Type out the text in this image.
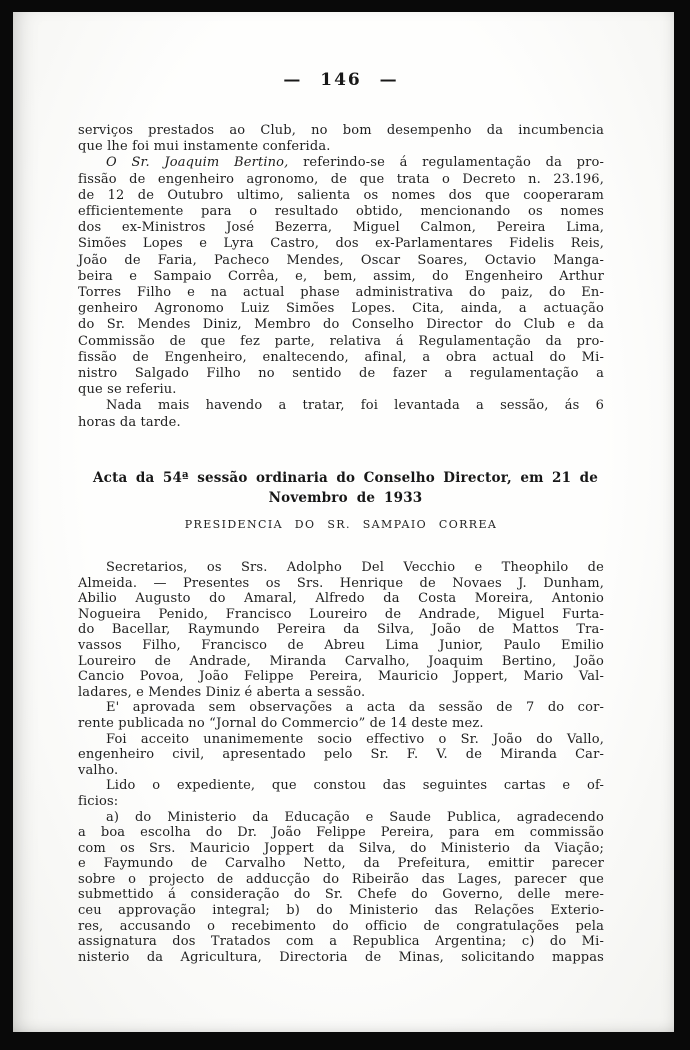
— 146 —
serviços prestados ao Club, no bom desempenho da incumbencia
que lhe foi mui instamente conferida.
O Sr. Joaquim Bertino, referindo-se á regulamentação da pro-
fissão de engenheiro agronomo, de que trata o Decreto n. 23.196,
de 12 de Outubro ultimo, salienta os nomes dos que cooperaram
efficientemente para o resultado obtido, mencionando os nomes
dos ex-Ministros José Bezerra, Miguel Calmon, Pereira Lima,
Simões Lopes e Lyra Castro, dos ex-Parlamentares Fidelis Reis,
João de Faria, Pacheco Mendes, Oscar Soares, Octavio Manga-
beira e Sampaio Corrêa, e, bem, assim, do Engenheiro Arthur
Torres Filho e na actual phase administrativa do paiz, do En-
genheiro Agronomo Luiz Simões Lopes. Cita, ainda, a actuação
do Sr. Mendes Diniz, Membro do Conselho Director do Club e da
Commissão de que fez parte, relativa á Regulamentação da pro-
fissão de Engenheiro, enaltecendo, afinal, a obra actual do Mi-
nistro Salgado Filho no sentido de fazer a regulamentação a
que se referiu.
Nada mais havendo a tratar, foi levantada a sessão, ás 6
horas da tarde.
Acta da 54ª sessão ordinaria do Conselho Director, em 21 de
Novembro de 1933
PRESIDENCIA DO SR. SAMPAIO CORREA
Secretarios, os Srs. Adolpho Del Vecchio e Theophilo de
Almeida. — Presentes os Srs. Henrique de Novaes J. Dunham,
Abilio Augusto do Amaral, Alfredo da Costa Moreira, Antonio
Nogueira Penido, Francisco Loureiro de Andrade, Miguel Furta-
do Bacellar, Raymundo Pereira da Silva, João de Mattos Tra-
vassos Filho, Francisco de Abreu Lima Junior, Paulo Emilio
Loureiro de Andrade, Miranda Carvalho, Joaquim Bertino, João
Cancio Povoa, João Felippe Pereira, Mauricio Joppert, Mario Val-
ladares, e Mendes Diniz é aberta a sessão.
E' aprovada sem observações a acta da sessão de 7 do cor-
rente publicada no “Jornal do Commercio” de 14 deste mez.
Foi acceito unanimemente socio effectivo o Sr. João do Vallo,
engenheiro civil, apresentado pelo Sr. F. V. de Miranda Car-
valho.
Lido o expediente, que constou das seguintes cartas e of-
ficios:
a) do Ministerio da Educação e Saude Publica, agradecendo
a boa escolha do Dr. João Felippe Pereira, para em commissão
com os Srs. Mauricio Joppert da Silva, do Ministerio da Viação;
e Faymundo de Carvalho Netto, da Prefeitura, emittir parecer
sobre o projecto de adducção do Ribeirão das Lages, parecer que
submettido á consideração do Sr. Chefe do Governo, delle mere-
ceu approvação integral; b) do Ministerio das Relações Exterio-
res, accusando o recebimento do officio de congratulações pela
assignatura dos Tratados com a Republica Argentina; c) do Mi-
nisterio da Agricultura, Directoria de Minas, solicitando mappas
